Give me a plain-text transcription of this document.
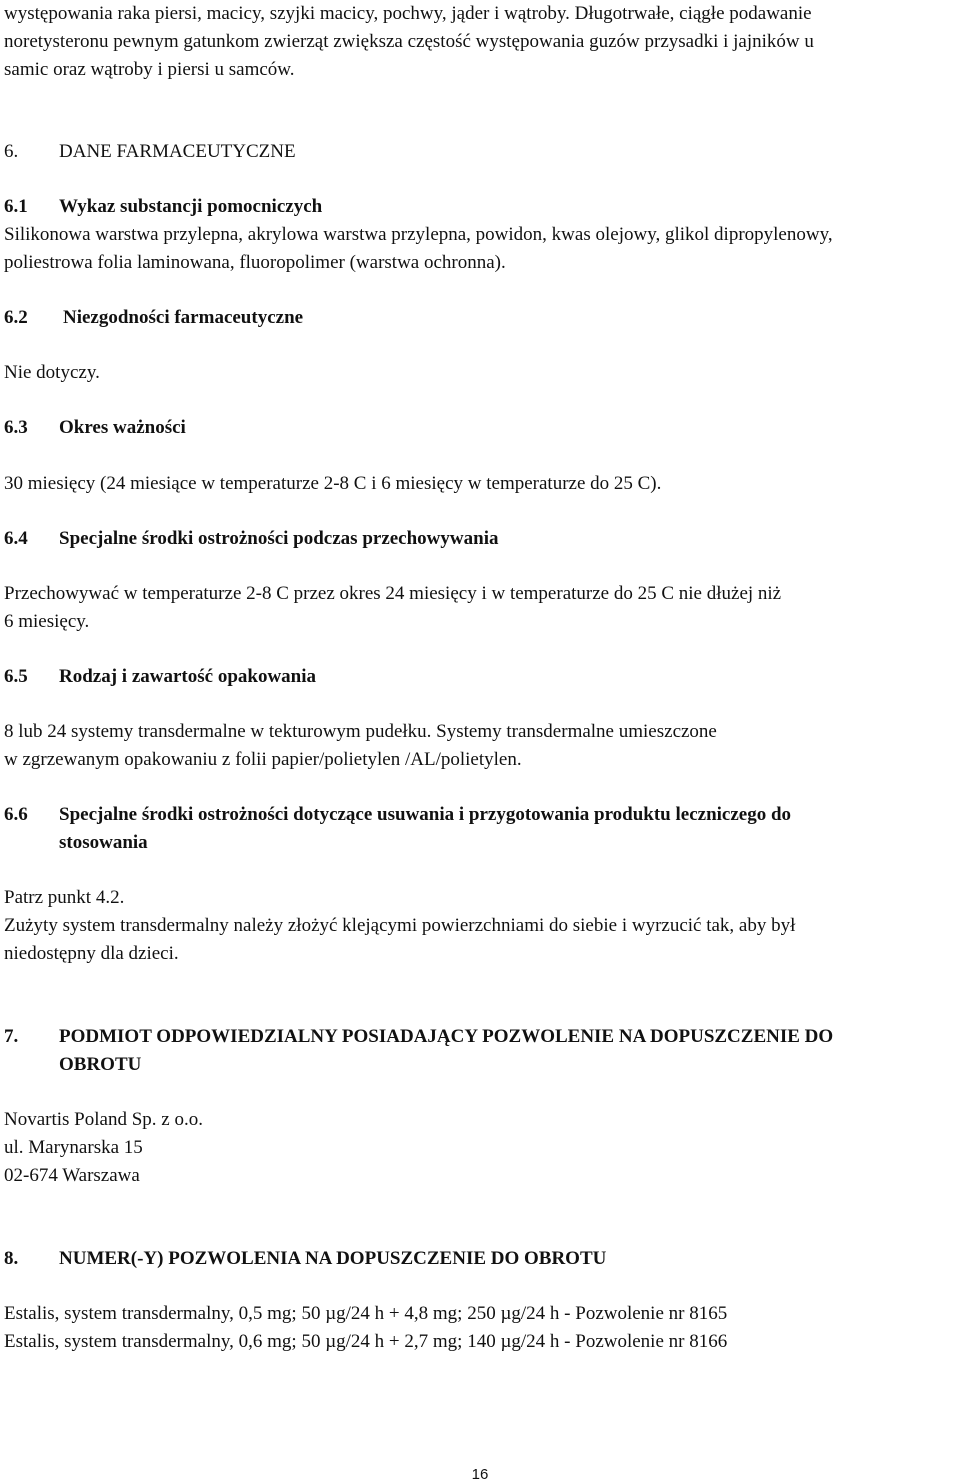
występowania raka piersi, macicy, szyjki macicy, pochwy, jąder i wątroby. Długotrwałe, ciągłe podawanie

noretysteronu pewnym gatunkom zwierząt zwiększa częstość występowania guzów przysadki i jajników u

samic oraz wątroby i piersi u samców.

6. DANE FARMACEUTYCZNE

6.1 Wykaz substancji pomocniczych

Silikonowa warstwa przylepna, akrylowa warstwa przylepna, powidon, kwas olejowy, glikol dipropylenowy,

poliestrowa folia laminowana, fluoropolimer (warstwa ochronna).

6.2 Niezgodności farmaceutyczne

Nie dotyczy.

6.3 Okres ważności

30 miesięcy (24 miesiące w temperaturze 2-8 C i 6 miesięcy w temperaturze do 25 C).

6.4 Specjalne środki ostrożności podczas przechowywania

Przechowywać w temperaturze 2-8 C przez okres 24 miesięcy i w temperaturze do 25 C nie dłużej niż

6 miesięcy.

6.5 Rodzaj i zawartość opakowania

8 lub 24 systemy transdermalne w tekturowym pudełku. Systemy transdermalne umieszczone

w zgrzewanym opakowaniu z folii papier/polietylen /AL/polietylen.

6.6 Specjalne środki ostrożności dotyczące usuwania i przygotowania produktu leczniczego do

stosowania

Patrz punkt 4.2.

Zużyty system transdermalny należy złożyć klejącymi powierzchniami do siebie i wyrzucić tak, aby był

niedostępny dla dzieci.

7. PODMIOT ODPOWIEDZIALNY POSIADAJĄCY POZWOLENIE NA DOPUSZCZENIE DO

OBROTU

Novartis Poland Sp. z o.o.

ul. Marynarska 15

02-674 Warszawa

8. NUMER(-Y) POZWOLENIA NA DOPUSZCZENIE DO OBROTU

Estalis, system transdermalny, 0,5 mg; 50 µg/24 h + 4,8 mg; 250 µg/24 h - Pozwolenie nr 8165

Estalis, system transdermalny, 0,6 mg; 50 µg/24 h + 2,7 mg; 140 µg/24 h - Pozwolenie nr 8166

16
